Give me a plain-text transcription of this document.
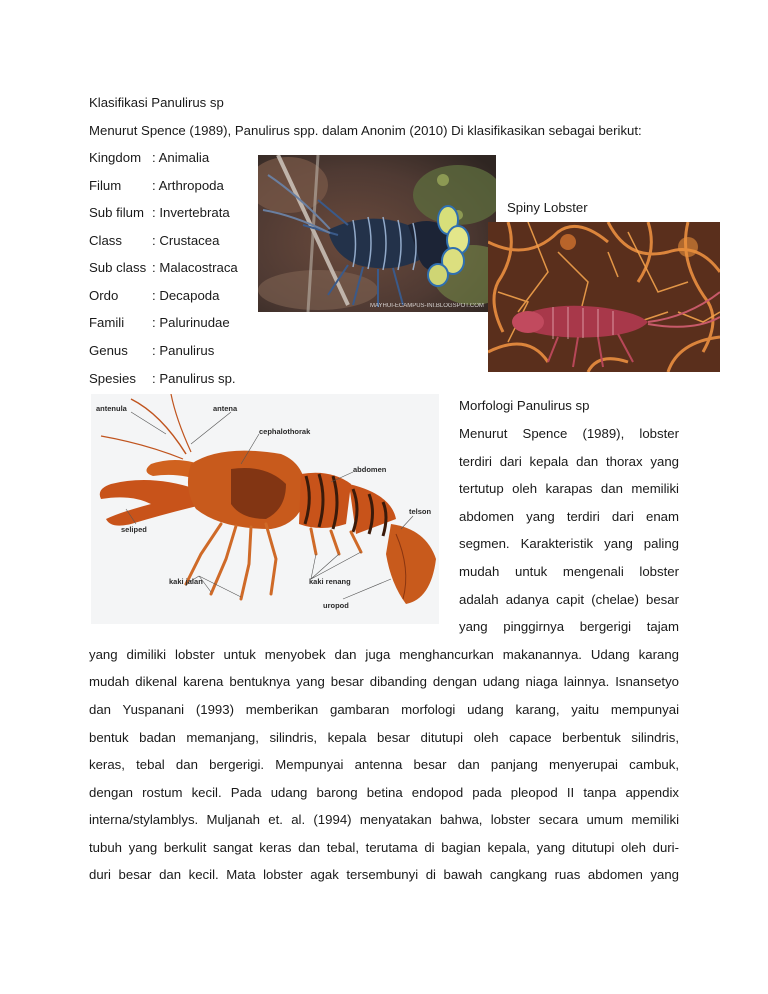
Klasifikasi Panulirus sp
Menurut Spence (1989), Panulirus spp. dalam Anonim (2010) Di klasifikasikan sebagai berikut:
Kingdom : Animalia
Filum : Arthropoda
Sub filum : Invertebrata
Class : Crustacea
Sub class : Malacostraca
Ordo	: Decapoda
Famili : Palurinudae
Genus : Panulirus
Spesies : Panulirus sp.
MAYHUI-ECAMPUS-INI.BLOGSPOT.COM
Spiny Lobster
antena
antenula
cephalothorak
abdomen
telson
seliped
kaki renang
kaki jalan
uropod
Morfologi Panulirus sp
Menurut Spence (1989), lobster
terdiri dari kepala dan thorax yang
tertutup oleh karapas dan memiliki
abdomen yang terdiri dari enam
segmen. Karakteristik yang paling
mudah untuk mengenali lobster
adalah adanya capit (chelae) besar
yang pinggirnya bergerigi tajam
yang dimiliki lobster untuk menyobek dan juga menghancurkan makanannya. Udang karang
mudah dikenal karena bentuknya yang besar dibanding dengan udang niaga lainnya. Isnansetyo
dan Yuspanani (1993) memberikan gambaran morfologi udang karang, yaitu mempunyai
bentuk badan memanjang, silindris, kepala besar ditutupi oleh capace berbentuk silindris,
keras, tebal dan bergerigi. Mempunyai antenna besar dan panjang menyerupai cambuk,
dengan rostum kecil. Pada udang barong betina endopod pada pleopod II tanpa appendix
interna/stylamblys. Muljanah et. al. (1994) menyatakan bahwa, lobster secara umum memiliki
tubuh yang berkulit sangat keras dan tebal, terutama di bagian kepala, yang ditutupi oleh duri-
duri besar dan kecil. Mata lobster agak tersembunyi di bawah cangkang ruas abdomen yang
